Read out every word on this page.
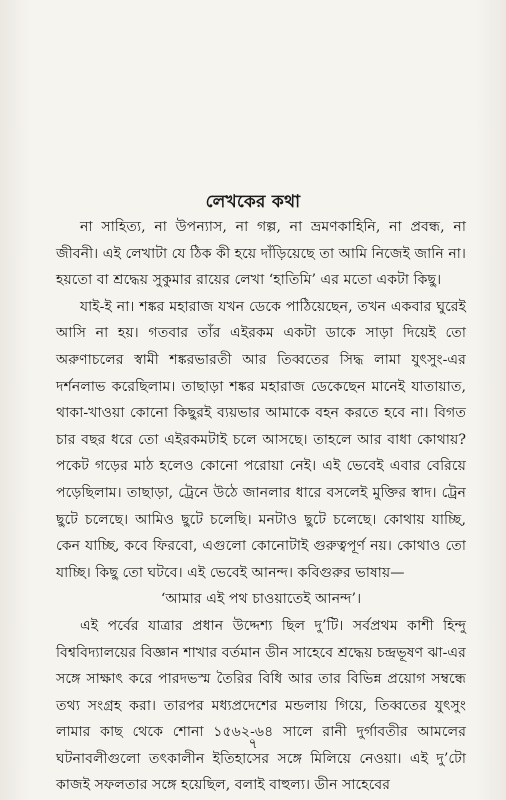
লেখকের কথা

না সাহিত্য, না উপন্যাস, না গল্প, না ভ্রমণকাহিনি, না প্রবন্ধ, না জীবনী। এই লেখাটা যে ঠিক কী হয়ে দাঁড়িয়েছে তা আমি নিজেই জানি না। হয়তো বা শ্রদ্ধেয় সুকুমার রায়ের লেখা ‘হাতিমি’ এর মতো একটা কিছু।

যাই-ই না। শঙ্কর মহারাজ যখন ডেকে পাঠিয়েছেন, তখন একবার ঘুরেই আসি না হয়। গতবার তাঁর এইরকম একটা ডাকে সাড়া দিয়েই তো অরুণাচলের স্বামী শঙ্করভারতী আর তিব্বতের সিদ্ধ লামা যুৎসুং-এর দর্শনলাভ করেছিলাম। তাছাড়া শঙ্কর মহারাজ ডেকেছেন মানেই যাতায়াত, থাকা-খাওয়া কোনো কিছুরই ব্যয়ভার আমাকে বহন করতে হবে না। বিগত চার বছর ধরে তো এইরকমটাই চলে আসছে। তাহলে আর বাধা কোথায়? পকেট গড়ের মাঠ হলেও কোনো পরোয়া নেই। এই ভেবেই এবার বেরিয়ে পড়েছিলাম। তাছাড়া, ট্রেনে উঠে জানলার ধারে বসলেই মুক্তির স্বাদ। ট্রেন ছুটে চলেছে। আমিও ছুটে চলেছি। মনটাও ছুটে চলেছে। কোথায় যাচ্ছি, কেন যাচ্ছি, কবে ফিরবো, এগুলো কোনোটাই গুরুত্বপূর্ণ নয়। কোথাও তো যাচ্ছি। কিছু তো ঘটবে। এই ভেবেই আনন্দ। কবিগুরুর ভাষায়—

‘আমার এই পথ চাওয়াতেই আনন্দ’।

এই পর্বের যাত্রার প্রধান উদ্দেশ্য ছিল দু’টি। সর্বপ্রথম কাশী হিন্দু বিশ্ববিদ্যালয়ের বিজ্ঞান শাখার বর্তমান ডীন সাহেবে শ্রদ্ধেয় চন্দ্রভূষণ ঝা-এর সঙ্গে সাক্ষাৎ করে পারদভস্ম তৈরির বিধি আর তার বিভিন্ন প্রয়োগ সম্বন্ধে তথ্য সংগ্রহ করা। তারপর মধ্যপ্রদেশের মন্ডলায় গিয়ে, তিব্বতের যুৎসুং লামার কাছ থেকে শোনা ১৫৬২-৬৪ সালে রানী দুর্গাবতীর আমলের ঘটনাবলীগুলো তৎকালীন ইতিহাসের সঙ্গে মিলিয়ে নেওয়া। এই দু’টো কাজই সফলতার সঙ্গে হয়েছিল, বলাই বাহুল্য। ডীন সাহেবের

৭
